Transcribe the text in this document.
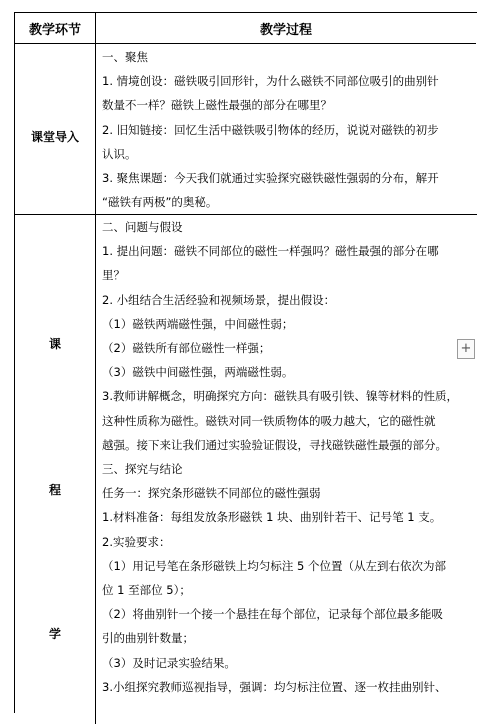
教学环节	教学过程
课堂导入

一、聚焦

1. 情境创设：磁铁吸引回形针，为什么磁铁不同部位吸引的曲别针

数量不一样？磁铁上磁性最强的部分在哪里？

2. 旧知链接：回忆生活中磁铁吸引物体的经历，说说对磁铁的初步

认识。

3. 聚焦课题：今天我们就通过实验探究磁铁磁性强弱的分布，解开

“磁铁有两极”的奥秘。

课
程
学

二、问题与假设

1. 提出问题：磁铁不同部位的磁性一样强吗？磁性最强的部分在哪

里？

2. 小组结合生活经验和视频场景，提出假设：

（1）磁铁两端磁性强，中间磁性弱；

（2）磁铁所有部位磁性一样强；

（3）磁铁中间磁性强，两端磁性弱。

3.教师讲解概念，明确探究方向：磁铁具有吸引铁、镍等材料的性质，

这种性质称为磁性。磁铁对同一铁质物体的吸力越大，它的磁性就

越强。接下来让我们通过实验验证假设，寻找磁铁磁性最强的部分。

三、探究与结论

任务一：探究条形磁铁不同部位的磁性强弱

1.材料准备：每组发放条形磁铁 1 块、曲别针若干、记号笔 1 支。

2.实验要求：

（1）用记号笔在条形磁铁上均匀标注 5 个位置（从左到右依次为部

位 1 至部位 5）；

（2）将曲别针一个接一个悬挂在每个部位，记录每个部位最多能吸

引的曲别针数量；

（3）及时记录实验结果。

3.小组探究教师巡视指导，强调：均匀标注位置、逐一枚挂曲别针、

+
